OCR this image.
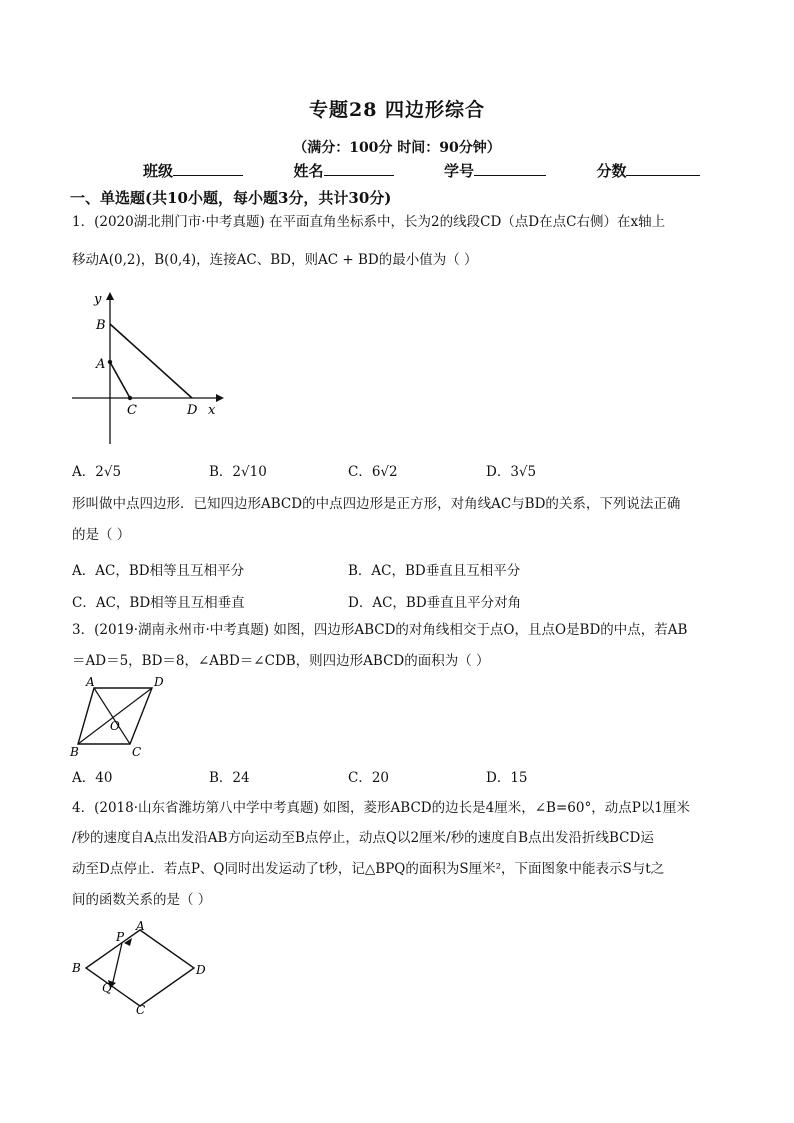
专题28 四边形综合
（满分：100分 时间：90分钟）
班级	姓名	学号	分数
一、单选题(共10小题，每小题3分，共计30分)
1．(2020湖北荆门市·中考真题) 在平面直角坐标系中，长为2的线段CD（点D在点C右侧）在x轴上
移动A(0,2)，B(0,4)，连接AC、BD，则AC + BD的最小值为（ ）
y
B
A
C	D x
A．2√5	B．2√10	C．6√2	D．3√5
形叫做中点四边形．已知四边形ABCD的中点四边形是正方形，对角线AC与BD的关系，下列说法正确
的是（ ）
A．AC，BD相等且互相平分	B．AC，BD垂直且互相平分
C．AC，BD相等且互相垂直	D．AC，BD垂直且平分对角
3．(2019·湖南永州市·中考真题) 如图，四边形ABCD的对角线相交于点O，且点O是BD的中点，若AB
＝AD＝5，BD＝8，∠ABD＝∠CDB，则四边形ABCD的面积为（ ）
A	D
O
B	C
A．40	B．24	C．20	D．15
4．(2018·山东省潍坊第八中学中考真题) 如图，菱形ABCD的边长是4厘米，∠B=60°，动点P以1厘米
/秒的速度自A点出发沿AB方向运动至B点停止，动点Q以2厘米/秒的速度自B点出发沿折线BCD运
动至D点停止．若点P、Q同时出发运动了t秒，记△BPQ的面积为S厘米²，下面图象中能表示S与t之
间的函数关系的是（ ）
P
A
B
Q
D
C
